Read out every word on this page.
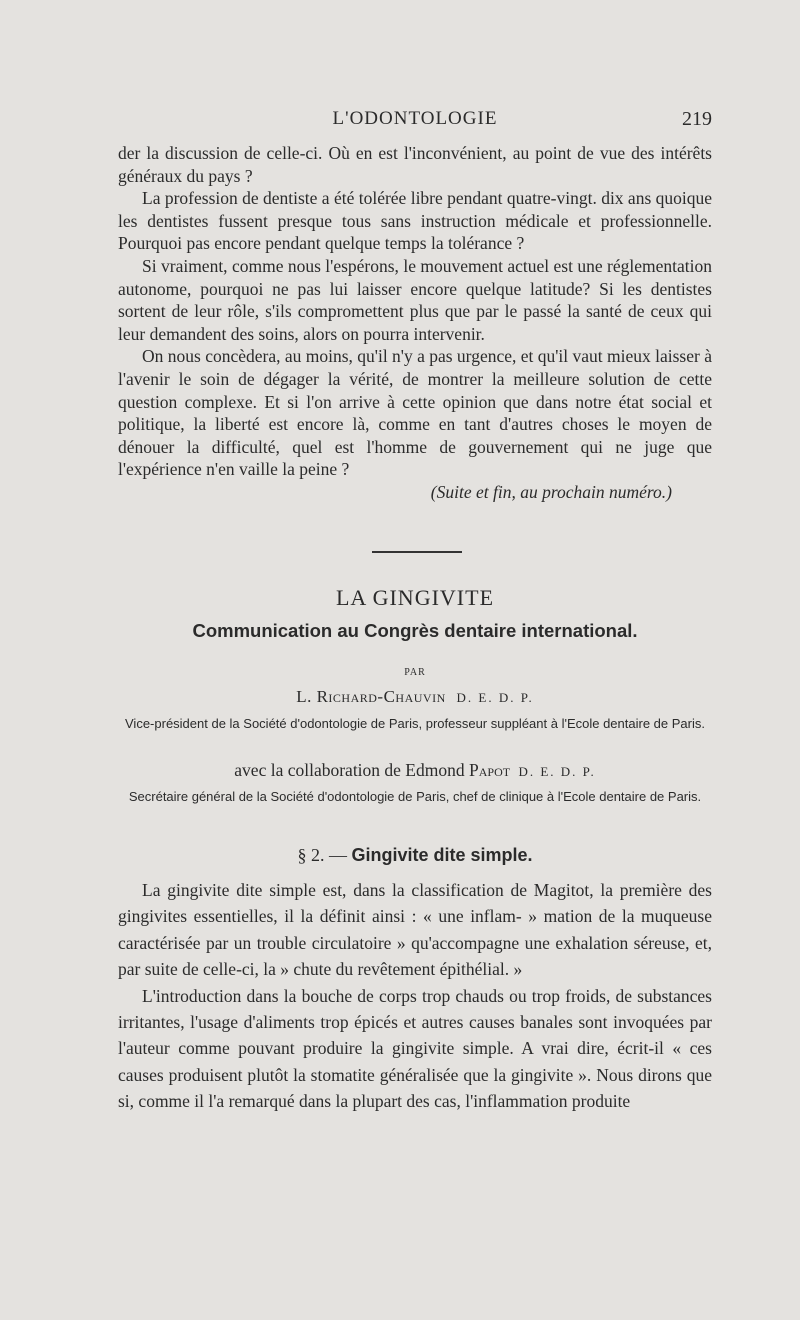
L'ODONTOLOGIE	219

der la discussion de celle-ci. Où en est l'inconvénient, au point de vue des intérêts généraux du pays ?

La profession de dentiste a été tolérée libre pendant quatre-vingt. dix ans quoique les dentistes fussent presque tous sans instruction médicale et professionnelle. Pourquoi pas encore pendant quelque temps la tolérance ?

Si vraiment, comme nous l'espérons, le mouvement actuel est une réglementation autonome, pourquoi ne pas lui laisser encore quelque latitude? Si les dentistes sortent de leur rôle, s'ils compromettent plus que par le passé la santé de ceux qui leur demandent des soins, alors on pourra intervenir.

On nous concèdera, au moins, qu'il n'y a pas urgence, et qu'il vaut mieux laisser à l'avenir le soin de dégager la vérité, de montrer la meilleure solution de cette question complexe. Et si l'on arrive à cette opinion que dans notre état social et politique, la liberté est encore là, comme en tant d'autres choses le moyen de dénouer la difficulté, quel est l'homme de gouvernement qui ne juge que l'expérience n'en vaille la peine ?

(Suite et fin, au prochain numéro.)
LA GINGIVITE
Communication au Congrès dentaire international.
PAR
L. Richard-Chauvin D. E. D. P.
Vice-président de la Société d'odontologie de Paris, professeur suppléant à l'Ecole dentaire de Paris.
avec la collaboration de Edmond Papot D. E. D. P.
Secrétaire général de la Société d'odontologie de Paris, chef de clinique à l'Ecole dentaire de Paris.
§ 2. — Gingivite dite simple.

La gingivite dite simple est, dans la classification de Magitot, la première des gingivites essentielles, il la définit ainsi : « une inflam- » mation de la muqueuse caractérisée par un trouble circulatoire » qu'accompagne une exhalation séreuse, et, par suite de celle-ci, la » chute du revêtement épithélial. »

L'introduction dans la bouche de corps trop chauds ou trop froids, de substances irritantes, l'usage d'aliments trop épicés et autres causes banales sont invoquées par l'auteur comme pouvant produire la gingivite simple. A vrai dire, écrit-il « ces causes produisent plutôt la stomatite généralisée que la gingivite ». Nous dirons que si, comme il l'a remarqué dans la plupart des cas, l'inflammation produite
